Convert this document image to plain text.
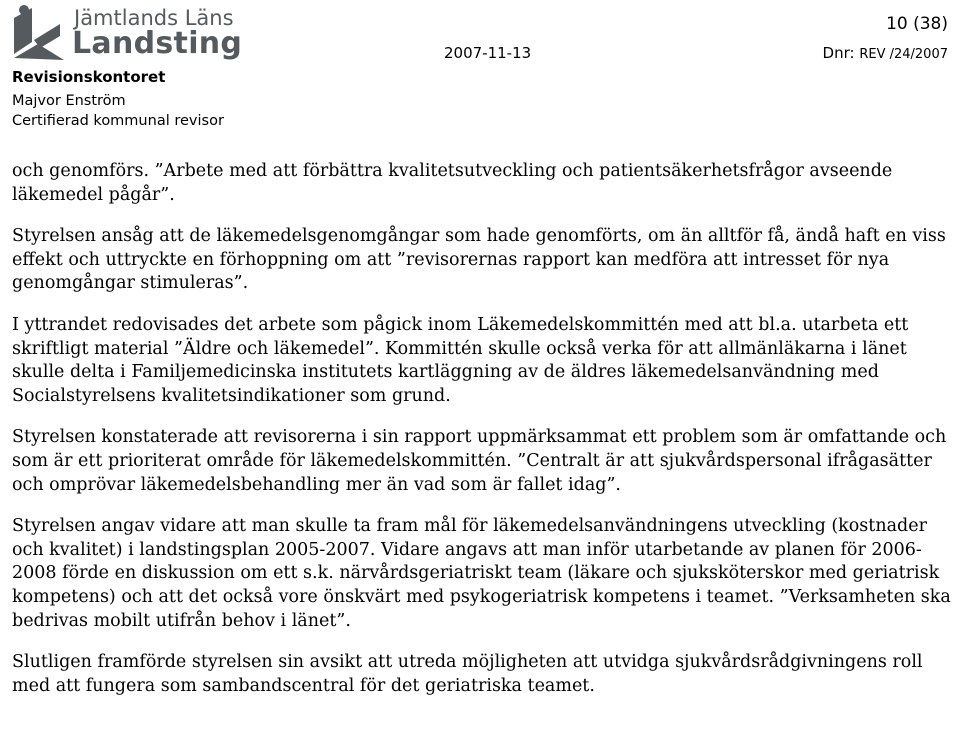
Jämtlands Läns
Landsting
10 (38)
2007-11-13	Dnr: REV /24/2007
Revisionskontoret
Majvor Enström
Certifierad kommunal revisor

och genomförs. ”Arbete med att förbättra kvalitetsutveckling och patientsäkerhetsfrågor avseende läkemedel pågår”.

Styrelsen ansåg att de läkemedelsgenomgångar som hade genomförts, om än alltför få, ändå haft en viss effekt och uttryckte en förhoppning om att ”revisorernas rapport kan medföra att intresset för nya genomgångar stimuleras”.

I yttrandet redovisades det arbete som pågick inom Läkemedelskommittén med att bl.a. utarbeta ett skriftligt material ”Äldre och läkemedel”. Kommittén skulle också verka för att allmänläkarna i länet skulle delta i Familjemedicinska institutets kartläggning av de äldres läkemedelsanvändning med Socialstyrelsens kvalitetsindikationer som grund.

Styrelsen konstaterade att revisorerna i sin rapport uppmärksammat ett problem som är omfattande och som är ett prioriterat område för läkemedelskommittén. ”Centralt är att sjukvårdspersonal ifrågasätter och omprövar läkemedelsbehandling mer än vad som är fallet idag”.

Styrelsen angav vidare att man skulle ta fram mål för läkemedelsanvändningens utveckling (kostnader och kvalitet) i landstingsplan 2005-2007. Vidare angavs att man inför utarbetande av planen för 2006-2008 förde en diskussion om ett s.k. närvårdsgeriatriskt team (läkare och sjuksköterskor med geriatrisk kompetens) och att det också vore önskvärt med psykogeriatrisk kompetens i teamet. ”Verksamheten ska bedrivas mobilt utifrån behov i länet”.

Slutligen framförde styrelsen sin avsikt att utreda möjligheten att utvidga sjukvårdsrådgivningens roll med att fungera som sambandscentral för det geriatriska teamet.
